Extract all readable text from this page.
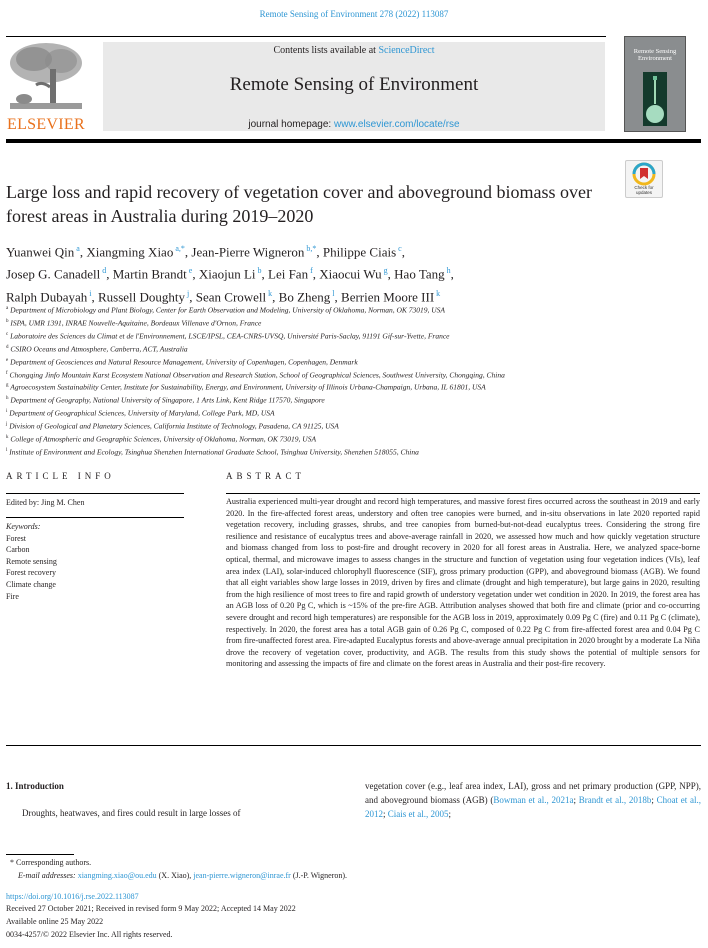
Remote Sensing of Environment 278 (2022) 113087
ELSEVIER
Contents lists available at ScienceDirect
Remote Sensing of Environment
journal homepage: www.elsevier.com/locate/rse
Remote Sensing Environment
Check for updates
Large loss and rapid recovery of vegetation cover and aboveground biomass over forest areas in Australia during 2019–2020
Yuanwei Qin $^a$, Xiangming Xiao $^{a,*}$, Jean-Pierre Wigneron $^{b,*}$, Philippe Ciais $^c$,
Josep G. Canadell $^d$, Martin Brandt $^e$, Xiaojun Li $^b$, Lei Fan $^f$, Xiaocui Wu $^g$, Hao Tang $^h$,
Ralph Dubayah $^i$, Russell Doughty $^j$, Sean Crowell $^k$, Bo Zheng $^l$, Berrien Moore III $^k$
$^a$ Department of Microbiology and Plant Biology, Center for Earth Observation and Modeling, University of Oklahoma, Norman, OK 73019, USA
$^b$ ISPA, UMR 1391, INRAE Nouvelle-Aquitaine, Bordeaux Villenave d'Ornon, France
$^c$ Laboratoire des Sciences du Climat et de l'Environnement, LSCE/IPSL, CEA-CNRS-UVSQ, Université Paris-Saclay, 91191 Gif-sur-Yvette, France
$^d$ CSIRO Oceans and Atmosphere, Canberra, ACT, Australia
$^e$ Department of Geosciences and Natural Resource Management, University of Copenhagen, Copenhagen, Denmark
$^f$ Chongqing Jinfo Mountain Karst Ecosystem National Observation and Research Station, School of Geographical Sciences, Southwest University, Chongqing, China
$^g$ Agroecosystem Sustainability Center, Institute for Sustainability, Energy, and Environment, University of Illinois Urbana-Champaign, Urbana, IL 61801, USA
$^h$ Department of Geography, National University of Singapore, 1 Arts Link, Kent Ridge 117570, Singapore
$^i$ Department of Geographical Sciences, University of Maryland, College Park, MD, USA
$^j$ Division of Geological and Planetary Sciences, California Institute of Technology, Pasadena, CA 91125, USA
$^k$ College of Atmospheric and Geographic Sciences, University of Oklahoma, Norman, OK 73019, USA
$^l$ Institute of Environment and Ecology, Tsinghua Shenzhen International Graduate School, Tsinghua University, Shenzhen 518055, China
ARTICLE INFO
Edited by: Jing M. Chen
Keywords:
Forest
Carbon
Remote sensing
Forest recovery
Climate change
Fire
ABSTRACT
Australia experienced multi-year drought and record high temperatures, and massive forest fires occurred across the southeast in 2019 and early 2020. In the fire-affected forest areas, understory and often tree canopies were burned, and in-situ observations in late 2020 reported rapid vegetation recovery, including grasses, shrubs, and tree canopies from burned-but-not-dead eucalyptus trees. Considering the strong fire resilience and resistance of eucalyptus trees and above-average rainfall in 2020, we assessed how much and how quickly vegetation structure and biomass changed from loss to post-fire and drought recovery in 2020 for all forest areas in Australia. Here, we analyzed space-borne optical, thermal, and microwave images to assess changes in the structure and function of vegetation using four vegetation indices (VIs), leaf area index (LAI), solar-induced chlorophyll fluorescence (SIF), gross primary production (GPP), and aboveground biomass (AGB). We found that all eight variables show large losses in 2019, driven by fires and climate (drought and high temperature), but large gains in 2020, resulting from the high resilience of most trees to fire and rapid growth of understory vegetation under wet condition in 2020. In 2019, the forest area has an AGB loss of 0.20 Pg C, which is ~15% of the pre-fire AGB. Attribution analyses showed that both fire and climate (prior and co-occurring severe drought and record high temperatures) are responsible for the AGB loss in 2019, approximately 0.09 Pg C (fire) and 0.11 Pg C (climate), respectively. In 2020, the forest area has a total AGB gain of 0.26 Pg C, composed of 0.22 Pg C from fire-affected forest area and 0.04 Pg C from fire-unaffected forest area. Fire-adapted Eucalyptus forests and above-average annual precipitation in 2020 brought by a moderate La Niña drove the recovery of vegetation cover, productivity, and AGB. The results from this study shows the potential of multiple sensors for monitoring and assessing the impacts of fire and climate on the forest areas in Australia and their post-fire recovery.
1. Introduction
Droughts, heatwaves, and fires could result in large losses of
vegetation cover (e.g., leaf area index, LAI), gross and net primary production (GPP, NPP), and aboveground biomass (AGB) (Bowman et al., 2021a; Brandt et al., 2018b; Choat et al., 2012; Ciais et al., 2005;
* Corresponding authors.
E-mail addresses: xiangming.xiao@ou.edu (X. Xiao), jean-pierre.wigneron@inrae.fr (J.-P. Wigneron).
https://doi.org/10.1016/j.rse.2022.113087
Received 27 October 2021; Received in revised form 9 May 2022; Accepted 14 May 2022
Available online 25 May 2022
0034-4257/© 2022 Elsevier Inc. All rights reserved.
